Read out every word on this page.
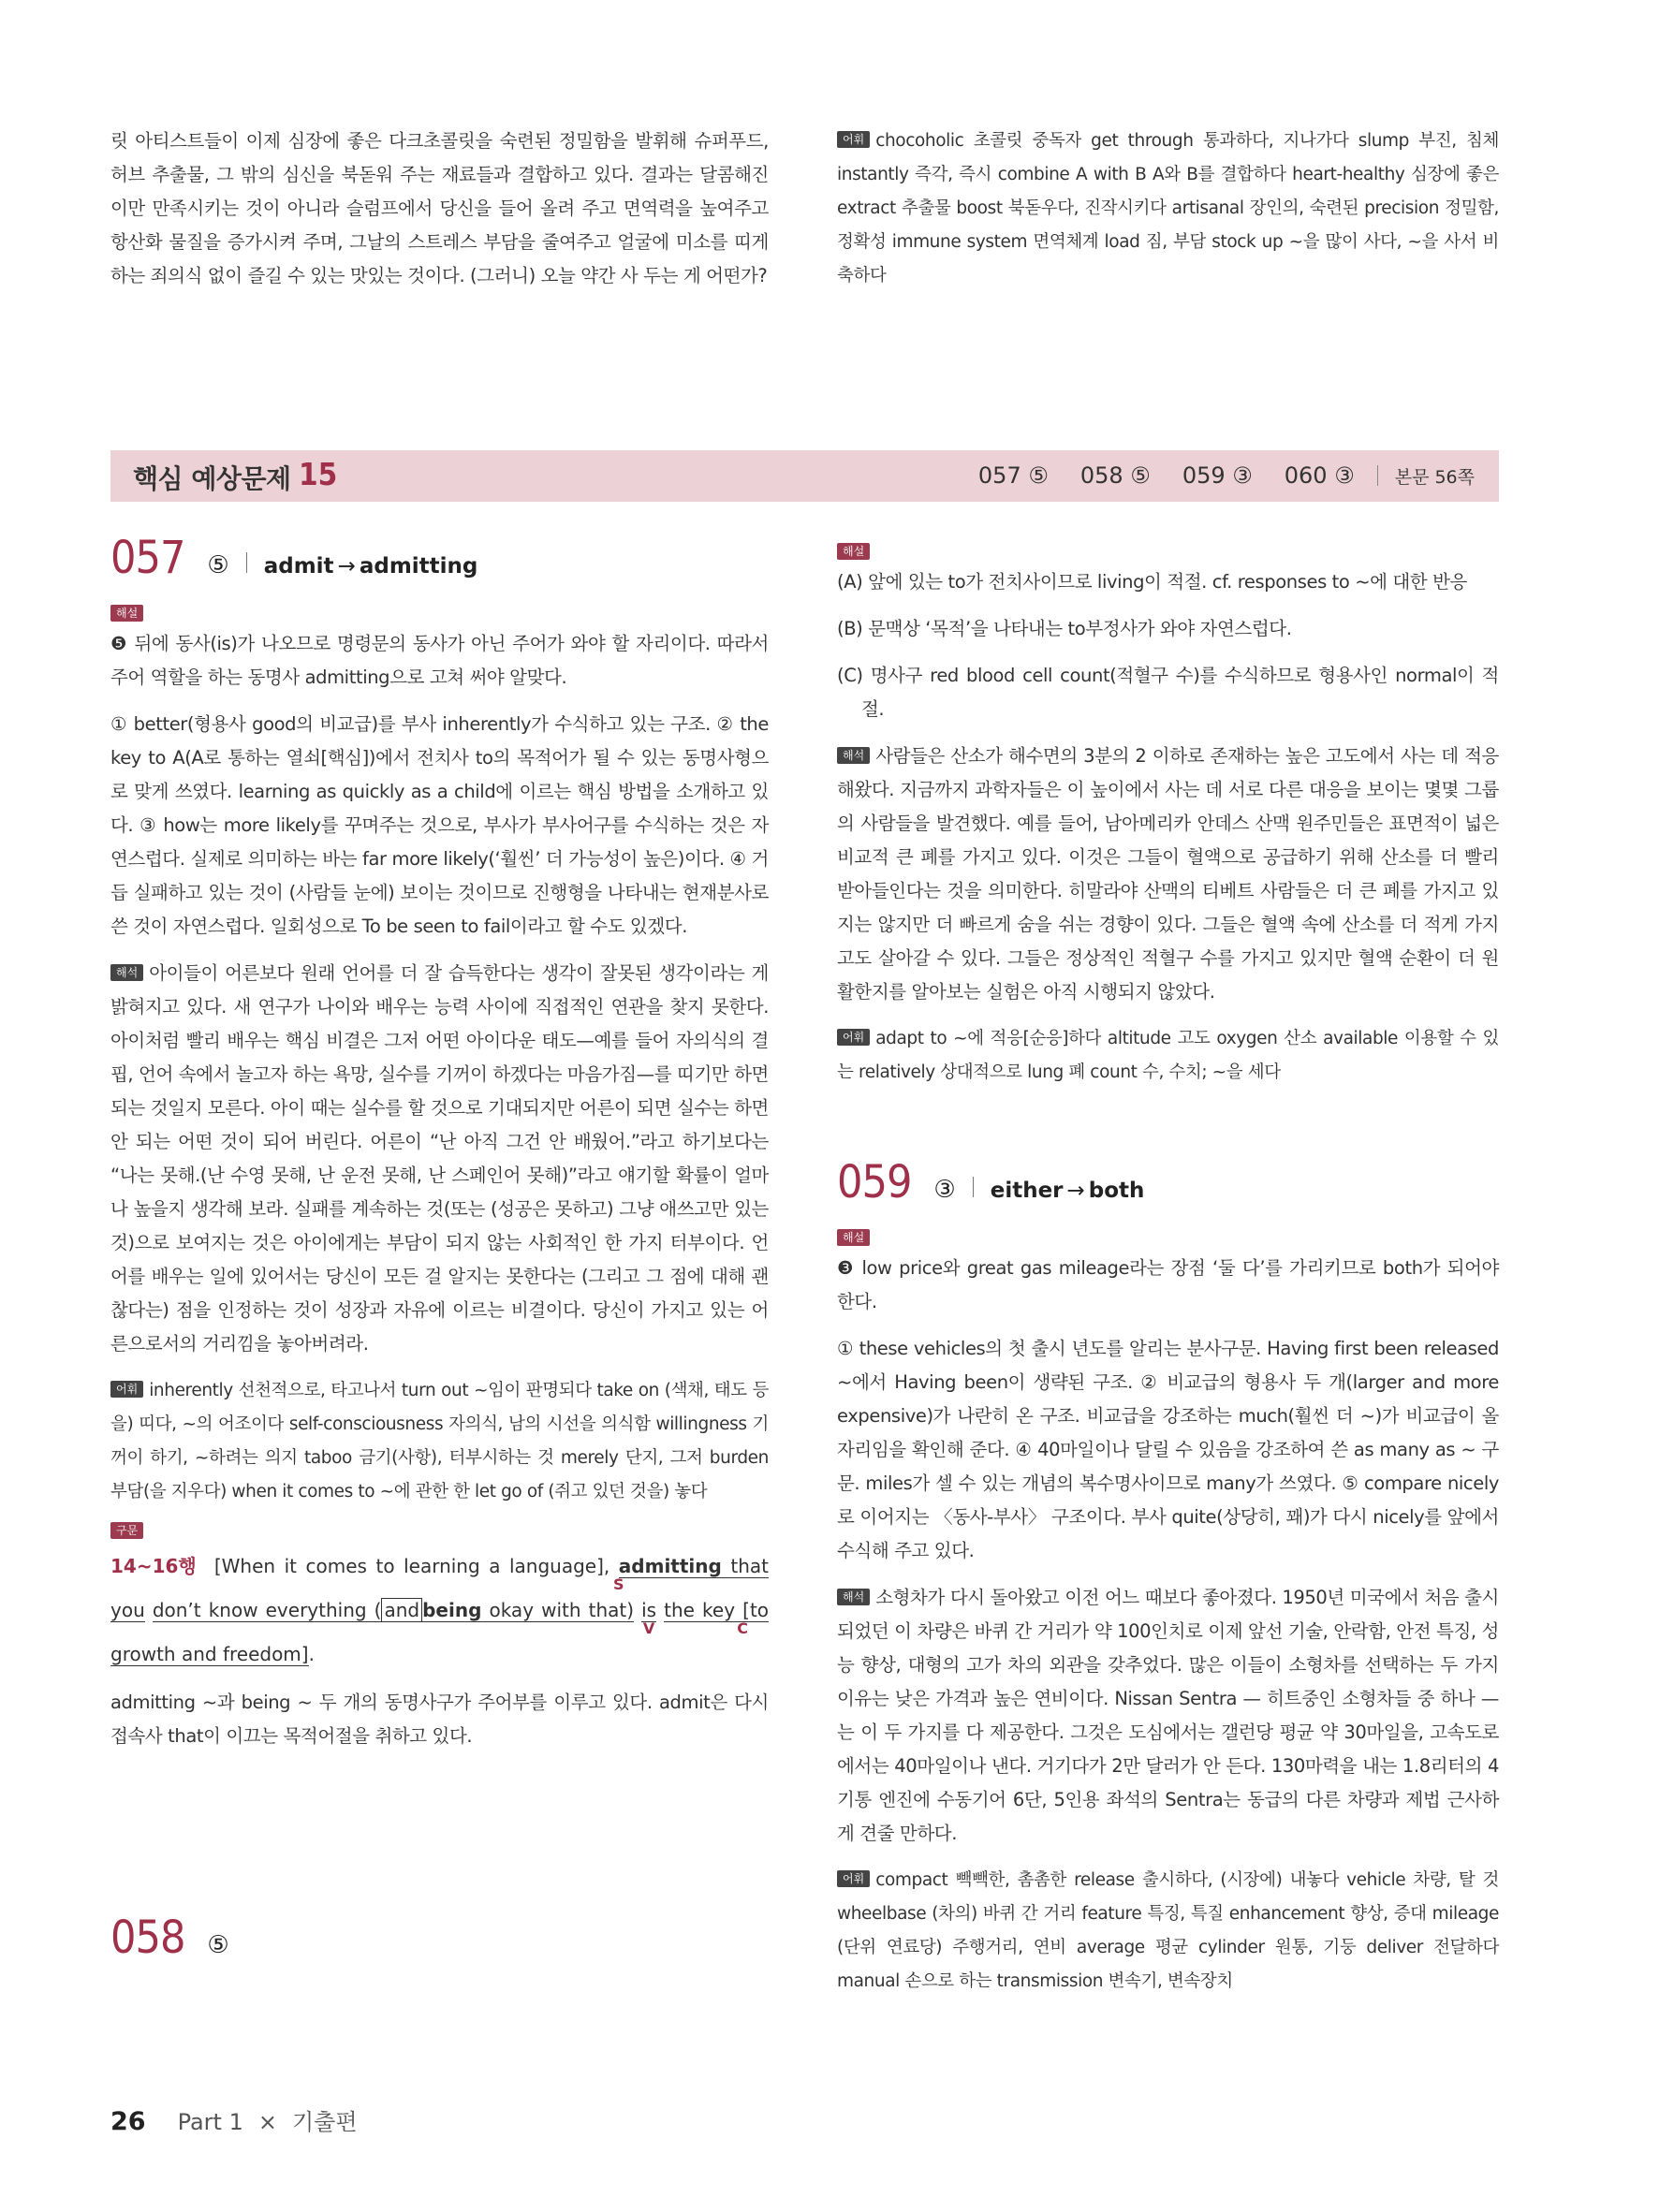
릿 아티스트들이 이제 심장에 좋은 다크초콜릿을 숙련된 정밀함을 발휘해 슈퍼푸드, 허브 추출물, 그 밖의 심신을 북돋워 주는 재료들과 결합하고 있다. 결과는 달콤해진 이만 만족시키는 것이 아니라 슬럼프에서 당신을 들어 올려 주고 면역력을 높여주고 항산화 물질을 증가시켜 주며, 그날의 스트레스 부담을 줄여주고 얼굴에 미소를 띠게 하는 죄의식 없이 즐길 수 있는 맛있는 것이다. (그러니) 오늘 약간 사 두는 게 어떤가?

어휘 chocoholic 초콜릿 중독자 get through 통과하다, 지나가다 slump 부진, 침체 instantly 즉각, 즉시 combine A with B A와 B를 결합하다 heart-healthy 심장에 좋은 extract 추출물 boost 북돋우다, 진작시키다 artisanal 장인의, 숙련된 precision 정밀함, 정확성 immune system 면역체계 load 짐, 부담 stock up ~을 많이 사다, ~을 사서 비축하다

핵심 예상문제 15	057 ⑤ 058 ⑤ 059 ③ 060 ③ 본문 56쪽
057 ⑤ admit → admitting
해설

❺ 뒤에 동사(is)가 나오므로 명령문의 동사가 아닌 주어가 와야 할 자리이다. 따라서 주어 역할을 하는 동명사 admitting으로 고쳐 써야 알맞다.

① better(형용사 good의 비교급)를 부사 inherently가 수식하고 있는 구조. ② the key to A(A로 통하는 열쇠[핵심])에서 전치사 to의 목적어가 될 수 있는 동명사형으로 맞게 쓰였다. learning as quickly as a child에 이르는 핵심 방법을 소개하고 있다. ③ how는 more likely를 꾸며주는 것으로, 부사가 부사어구를 수식하는 것은 자연스럽다. 실제로 의미하는 바는 far more likely(‘훨씬’ 더 가능성이 높은)이다. ④ 거듭 실패하고 있는 것이 (사람들 눈에) 보이는 것이므로 진행형을 나타내는 현재분사로 쓴 것이 자연스럽다. 일회성으로 To be seen to fail이라고 할 수도 있겠다.

해석 아이들이 어른보다 원래 언어를 더 잘 습득한다는 생각이 잘못된 생각이라는 게 밝혀지고 있다. 새 연구가 나이와 배우는 능력 사이에 직접적인 연관을 찾지 못한다. 아이처럼 빨리 배우는 핵심 비결은 그저 어떤 아이다운 태도—예를 들어 자의식의 결핍, 언어 속에서 놀고자 하는 욕망, 실수를 기꺼이 하겠다는 마음가짐—를 띠기만 하면 되는 것일지 모른다. 아이 때는 실수를 할 것으로 기대되지만 어른이 되면 실수는 하면 안 되는 어떤 것이 되어 버린다. 어른이 “난 아직 그건 안 배웠어.”라고 하기보다는 “나는 못해.(난 수영 못해, 난 운전 못해, 난 스페인어 못해)”라고 얘기할 확률이 얼마나 높을지 생각해 보라. 실패를 계속하는 것(또는 (성공은 못하고) 그냥 애쓰고만 있는 것)으로 보여지는 것은 아이에게는 부담이 되지 않는 사회적인 한 가지 터부이다. 언어를 배우는 일에 있어서는 당신이 모든 걸 알지는 못한다는 (그리고 그 점에 대해 괜찮다는) 점을 인정하는 것이 성장과 자유에 이르는 비결이다. 당신이 가지고 있는 어른으로서의 거리낌을 놓아버려라.

어휘 inherently 선천적으로, 타고나서 turn out ~임이 판명되다 take on (색채, 태도 등을) 띠다, ~의 어조이다 self-consciousness 자의식, 남의 시선을 의식함 willingness 기꺼이 하기, ~하려는 의지 taboo 금기(사항), 터부시하는 것 merely 단지, 그저 burden 부담(을 지우다) when it comes to ~에 관한 한 let go of (쥐고 있던 것을) 놓다

구문

14~16행 [When it comes to learning a language], admitting that you
S
don’t know everything ( and being okay with that) is
V
the key [to growth
C
and freedom].

admitting ~과 being ~ 두 개의 동명사구가 주어부를 이루고 있다. admit은 다시 접속사 that이 이끄는 목적어절을 취하고 있다.

058 ⑤
해설

(A) 앞에 있는 to가 전치사이므로 living이 적절. cf. responses to ~에 대한 반응

(B) 문맥상 ‘목적’을 나타내는 to부정사가 와야 자연스럽다.

(C) 명사구 red blood cell count(적혈구 수)를 수식하므로 형용사인 normal이 적절.

해석 사람들은 산소가 해수면의 3분의 2 이하로 존재하는 높은 고도에서 사는 데 적응해왔다. 지금까지 과학자들은 이 높이에서 사는 데 서로 다른 대응을 보이는 몇몇 그룹의 사람들을 발견했다. 예를 들어, 남아메리카 안데스 산맥 원주민들은 표면적이 넓은 비교적 큰 폐를 가지고 있다. 이것은 그들이 혈액으로 공급하기 위해 산소를 더 빨리 받아들인다는 것을 의미한다. 히말라야 산맥의 티베트 사람들은 더 큰 폐를 가지고 있지는 않지만 더 빠르게 숨을 쉬는 경향이 있다. 그들은 혈액 속에 산소를 더 적게 가지고도 살아갈 수 있다. 그들은 정상적인 적혈구 수를 가지고 있지만 혈액 순환이 더 원활한지를 알아보는 실험은 아직 시행되지 않았다.

어휘 adapt to ~에 적응[순응]하다 altitude 고도 oxygen 산소 available 이용할 수 있는 relatively 상대적으로 lung 폐 count 수, 수치; ~을 세다

059 ③ either → both
해설

❸ low price와 great gas mileage라는 장점 ‘둘 다’를 가리키므로 both가 되어야 한다.

① these vehicles의 첫 출시 년도를 알리는 분사구문. Having first been released ~에서 Having been이 생략된 구조. ② 비교급의 형용사 두 개(larger and more expensive)가 나란히 온 구조. 비교급을 강조하는 much(훨씬 더 ~)가 비교급이 올 자리임을 확인해 준다. ④ 40마일이나 달릴 수 있음을 강조하여 쓴 as many as ~ 구문. miles가 셀 수 있는 개념의 복수명사이므로 many가 쓰였다. ⑤ compare nicely로 이어지는 〈동사-부사〉 구조이다. 부사 quite(상당히, 꽤)가 다시 nicely를 앞에서 수식해 주고 있다.

해석 소형차가 다시 돌아왔고 이전 어느 때보다 좋아졌다. 1950년 미국에서 처음 출시되었던 이 차량은 바퀴 간 거리가 약 100인치로 이제 앞선 기술, 안락함, 안전 특징, 성능 향상, 대형의 고가 차의 외관을 갖추었다. 많은 이들이 소형차를 선택하는 두 가지 이유는 낮은 가격과 높은 연비이다. Nissan Sentra — 히트중인 소형차들 중 하나 — 는 이 두 가지를 다 제공한다. 그것은 도심에서는 갤런당 평균 약 30마일을, 고속도로에서는 40마일이나 낸다. 거기다가 2만 달러가 안 든다. 130마력을 내는 1.8리터의 4기통 엔진에 수동기어 6단, 5인용 좌석의 Sentra는 동급의 다른 차량과 제법 근사하게 견줄 만하다.

어휘 compact 빽빽한, 촘촘한 release 출시하다, (시장에) 내놓다 vehicle 차량, 탈 것 wheelbase (차의) 바퀴 간 거리 feature 특징, 특질 enhancement 향상, 증대 mileage (단위 연료당) 주행거리, 연비 average 평균 cylinder 원통, 기둥 deliver 전달하다 manual 손으로 하는 transmission 변속기, 변속장치

26 Part 1 × 기출편
